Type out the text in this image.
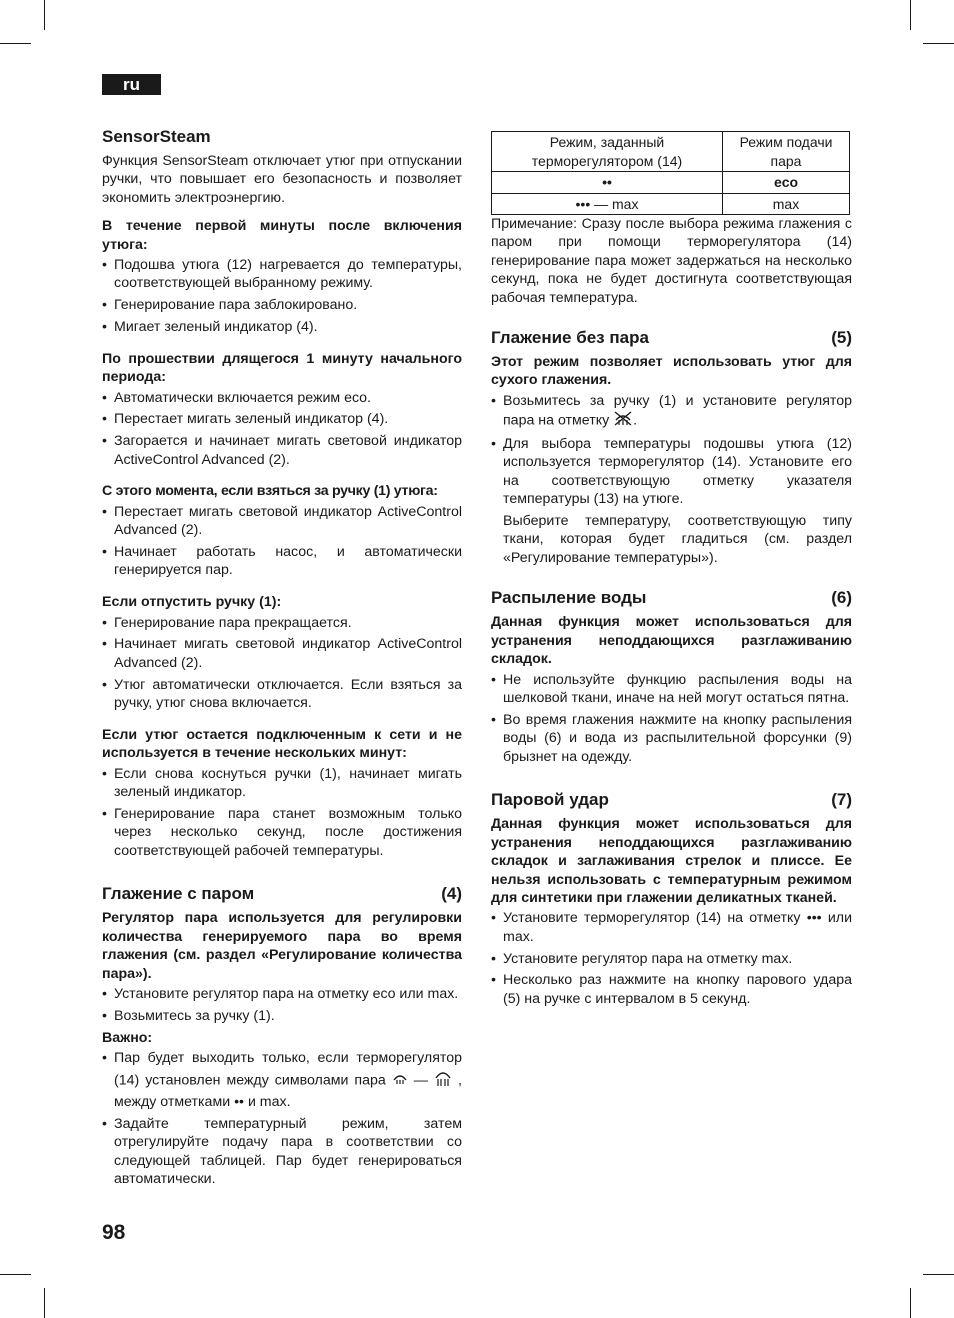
ru
SensorSteam

Функция SensorSteam отключает утюг при отпускании ручки, что повышает его безопасность и позволяет экономить электроэнергию.

В течение первой минуты после включения утюга:

• Подошва утюга (12) нагревается до температуры, соответствующей выбранному режиму.
• Генерирование пара заблокировано.
• Мигает зеленый индикатор (4).

По прошествии длящегося 1 минуту начального периода:

• Автоматически включается режим eco.
• Перестает мигать зеленый индикатор (4).
• Загорается и начинает мигать световой индикатор ActiveControl Advanced (2).

С этого момента, если взяться за ручку (1) утюга:

• Перестает мигать световой индикатор ActiveControl Advanced (2).
• Начинает работать насос, и автоматически генерируется пар.

Если отпустить ручку (1):

• Генерирование пара прекращается.
• Начинает мигать световой индикатор ActiveControl Advanced (2).
• Утюг автоматически отключается. Если взяться за ручку, утюг снова включается.

Если утюг остается подключенным к сети и не используется в течение нескольких минут:

• Если снова коснуться ручки (1), начинает мигать зеленый индикатор.
• Генерирование пара станет возможным только через несколько секунд, после достижения соответствующей рабочей температуры.
Глажение с паром	(4)

Регулятор пара используется для регулировки количества генерируемого пара во время глажения (см. раздел «Регулирование количества пара»).

• Установите регулятор пара на отметку eco или max.
• Возьмитесь за ручку (1).

Важно:

• Пар будет выходить только, если терморегулятор (14) установлен между символами пара — , между отметками •• и max.
• Задайте температурный режим, затем отрегулируйте подачу пара в соответствии со следующей таблицей. Пар будет генерироваться автоматически.
Режим, заданный терморегулятором (14)	Режим подачи пара
••	eco
••• — max	max

Примечание: Сразу после выбора режима глажения с паром при помощи терморегулятора (14) генерирование пара может задержаться на несколько секунд, пока не будет достигнута соответствующая рабочая температура.

Глажение без пара	(5)

Этот режим позволяет использовать утюг для сухого глажения.

• Возьмитесь за ручку (1) и установите регулятор пара на отметку .
• Для выбора температуры подошвы утюга (12) используется терморегулятор (14). Установите его на соответствующую отметку указателя температуры (13) на утюге.

Выберите температуру, соответствующую типу ткани, которая будет гладиться (см. раздел «Регулирование температуры»).

Распыление воды	(6)

Данная функция может использоваться для устранения неподдающихся разглаживанию складок.

• Не используйте функцию распыления воды на шелковой ткани, иначе на ней могут остаться пятна.
• Во время глажения нажмите на кнопку распыления воды (6) и вода из распылительной форсунки (9) брызнет на одежду.
Паровой удар	(7)

Данная функция может использоваться для устранения неподдающихся разглаживанию складок и заглаживания стрелок и плиссе. Ее нельзя использовать с температурным режимом для синтетики при глажении деликатных тканей.

• Установите терморегулятор (14) на отметку ••• или max.
• Установите регулятор пара на отметку max.
• Несколько раз нажмите на кнопку парового удара (5) на ручке с интервалом в 5 секунд.
98
